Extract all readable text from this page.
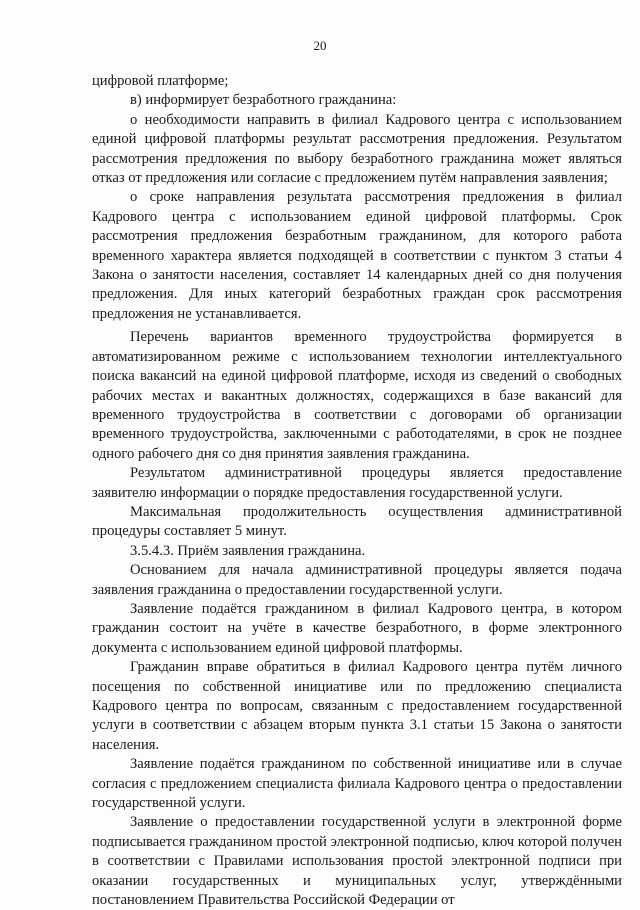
20

цифровой платформе;

в) информирует безработного гражданина:

о необходимости направить в филиал Кадрового центра с использованием единой цифровой платформы результат рассмотрения предложения. Результатом рассмотрения предложения по выбору безработного гражданина может являться отказ от предложения или согласие с предложением путём направления заявления;

о сроке направления результата рассмотрения предложения в филиал Кадрового центра с использованием единой цифровой платформы. Срок рассмотрения предложения безработным гражданином, для которого работа временного характера является подходящей в соответствии с пунктом 3 статьи 4 Закона о занятости населения, составляет 14 календарных дней со дня получения предложения. Для иных категорий безработных граждан срок рассмотрения предложения не устанавливается.

Перечень вариантов временного трудоустройства формируется в автоматизированном режиме с использованием технологии интеллектуального поиска вакансий на единой цифровой платформе, исходя из сведений о свободных рабочих местах и вакантных должностях, содержащихся в базе вакансий для временного трудоустройства в соответствии с договорами об организации временного трудоустройства, заключенными с работодателями, в срок не позднее одного рабочего дня со дня принятия заявления гражданина.

Результатом административной процедуры является предоставление заявителю информации о порядке предоставления государственной услуги.

Максимальная продолжительность осуществления административной процедуры составляет 5 минут.

3.5.4.3. Приём заявления гражданина.

Основанием для начала административной процедуры является подача заявления гражданина о предоставлении государственной услуги.

Заявление подаётся гражданином в филиал Кадрового центра, в котором гражданин состоит на учёте в качестве безработного, в форме электронного документа с использованием единой цифровой платформы.

Гражданин вправе обратиться в филиал Кадрового центра путём личного посещения по собственной инициативе или по предложению специалиста Кадрового центра по вопросам, связанным с предоставлением государственной услуги в соответствии с абзацем вторым пункта 3.1 статьи 15 Закона о занятости населения.

Заявление подаётся гражданином по собственной инициативе или в случае согласия с предложением специалиста филиала Кадрового центра о предоставлении государственной услуги.

Заявление о предоставлении государственной услуги в электронной форме подписывается гражданином простой электронной подписью, ключ которой получен в соответствии с Правилами использования простой электронной подписи при оказании государственных и муниципальных услуг, утверждёнными постановлением Правительства Российской Федерации от
